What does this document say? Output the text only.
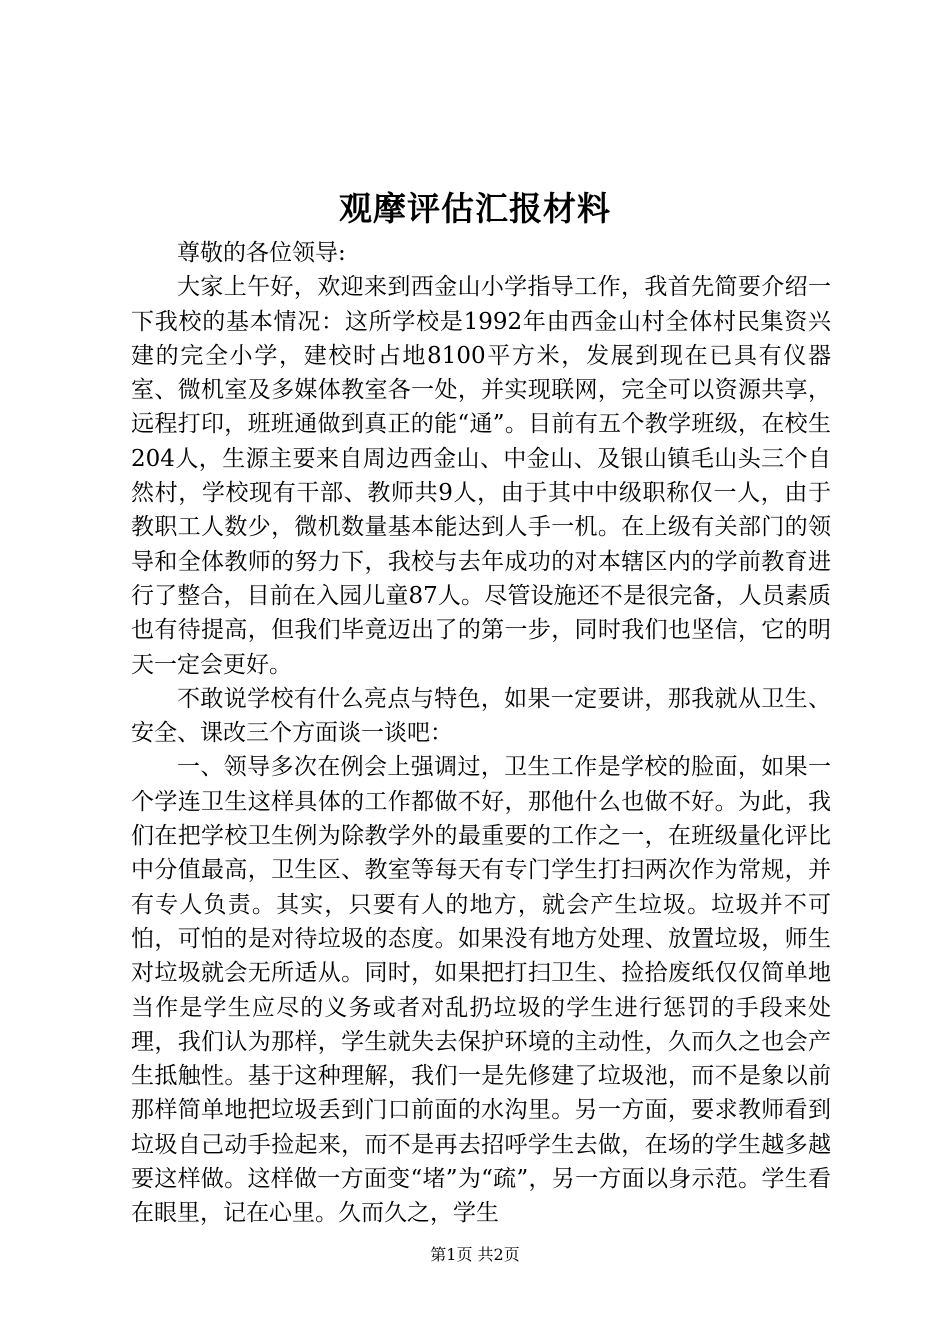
观摩评估汇报材料

尊敬的各位领导:

大家上午好，欢迎来到西金山小学指导工作，我首先简要介绍一下我校的基本情况：这所学校是1992年由西金山村全体村民集资兴建的完全小学，建校时占地8100平方米，发展到现在已具有仪器室、微机室及多媒体教室各一处，并实现联网，完全可以资源共享，远程打印，班班通做到真正的能“通”。目前有五个教学班级，在校生204人，生源主要来自周边西金山、中金山、及银山镇毛山头三个自然村，学校现有干部、教师共9人，由于其中中级职称仅一人，由于教职工人数少，微机数量基本能达到人手一机。在上级有关部门的领导和全体教师的努力下，我校与去年成功的对本辖区内的学前教育进行了整合，目前在入园儿童87人。尽管设施还不是很完备，人员素质也有待提高，但我们毕竟迈出了的第一步，同时我们也坚信，它的明天一定会更好。

不敢说学校有什么亮点与特色，如果一定要讲，那我就从卫生、安全、课改三个方面谈一谈吧：

一、领导多次在例会上强调过，卫生工作是学校的脸面，如果一个学连卫生这样具体的工作都做不好，那他什么也做不好。为此，我们在把学校卫生例为除教学外的最重要的工作之一，在班级量化评比中分值最高，卫生区、教室等每天有专门学生打扫两次作为常规，并有专人负责。其实，只要有人的地方，就会产生垃圾。垃圾并不可怕，可怕的是对待垃圾的态度。如果没有地方处理、放置垃圾，师生对垃圾就会无所适从。同时，如果把打扫卫生、捡拾废纸仅仅简单地当作是学生应尽的义务或者对乱扔垃圾的学生进行惩罚的手段来处理，我们认为那样，学生就失去保护环境的主动性，久而久之也会产生抵触性。基于这种理解，我们一是先修建了垃圾池，而不是象以前那样简单地把垃圾丢到门口前面的水沟里。另一方面，要求教师看到垃圾自己动手捡起来，而不是再去招呼学生去做，在场的学生越多越要这样做。这样做一方面变“堵”为“疏”，另一方面以身示范。学生看在眼里，记在心里。久而久之，学生

第1页 共2页
